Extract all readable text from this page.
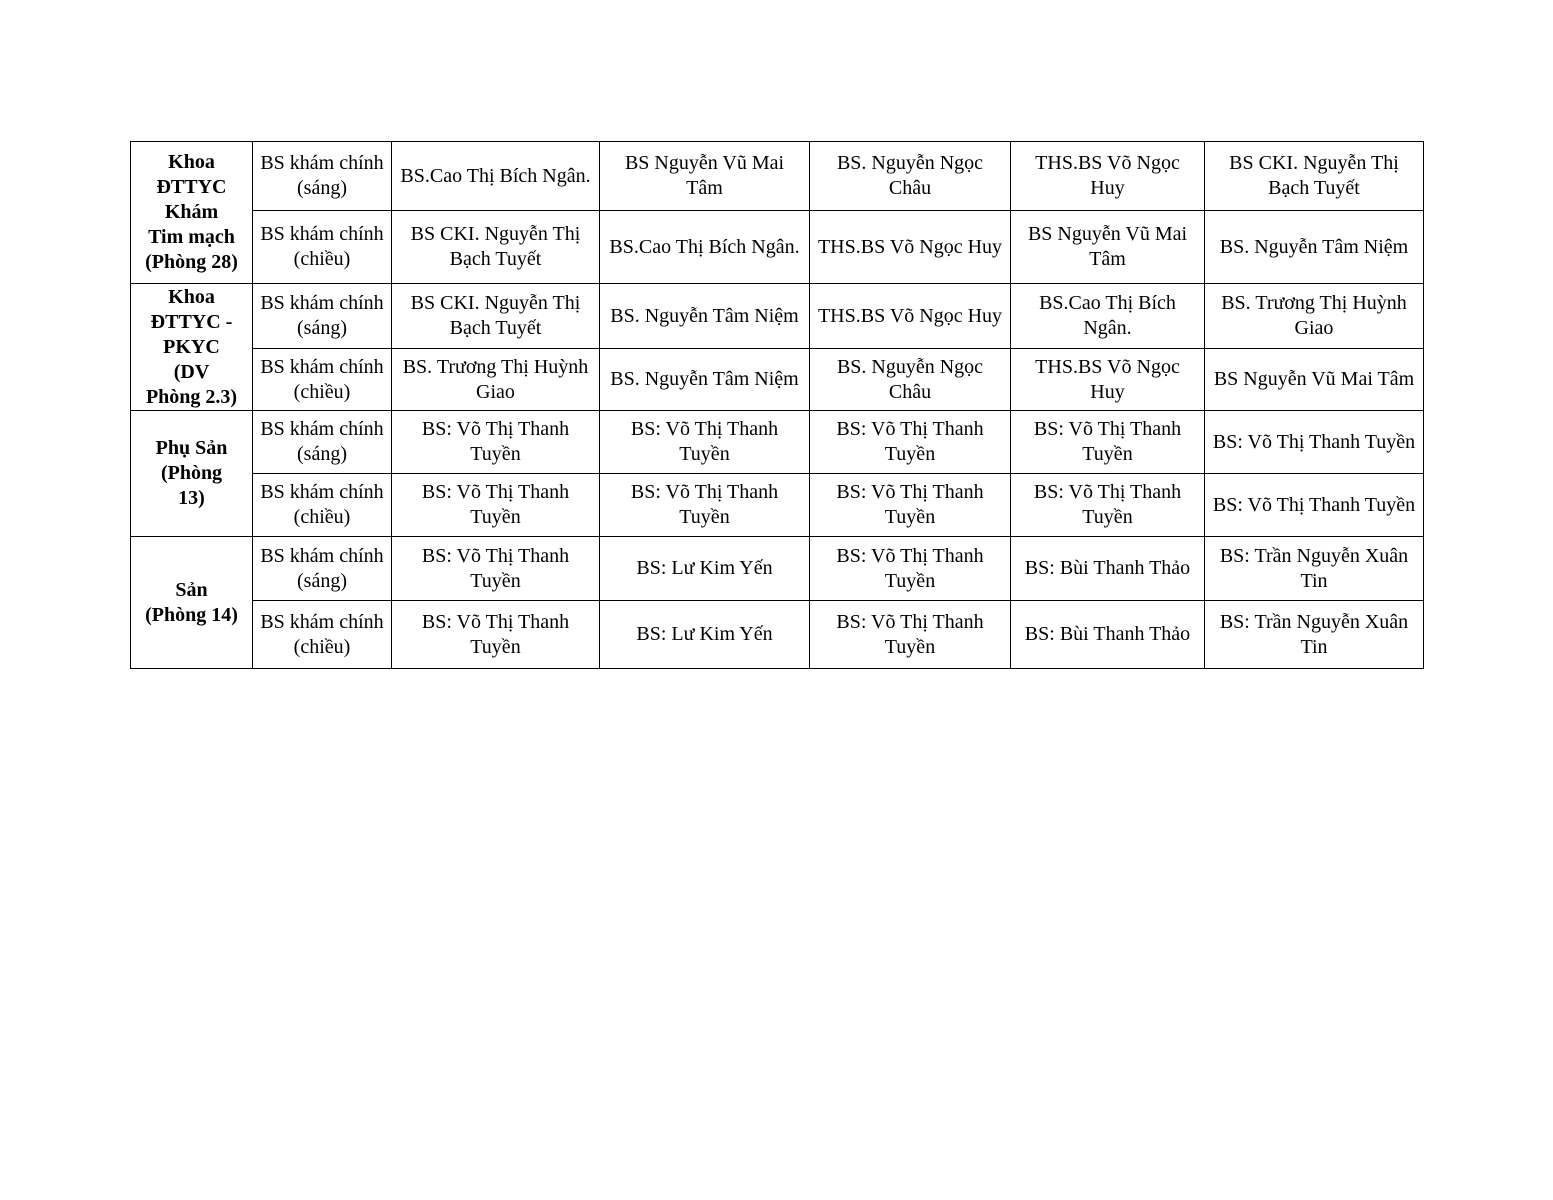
Khoa
ĐTTYC
Khám
Tim mạch
(Phòng 28)	BS khám chính (sáng)	BS.Cao Thị Bích Ngân.	BS Nguyễn Vũ Mai Tâm	BS. Nguyễn Ngọc Châu	THS.BS Võ Ngọc Huy	BS CKI. Nguyễn Thị Bạch Tuyết
	BS khám chính (chiều)	BS CKI. Nguyễn Thị Bạch Tuyết	BS.Cao Thị Bích Ngân.	THS.BS Võ Ngọc Huy	BS Nguyễn Vũ Mai Tâm	BS. Nguyễn Tâm Niệm

Khoa
ĐTTYC -
PKYC
(DV
Phòng 2.3)	BS khám chính (sáng)	BS CKI. Nguyễn Thị Bạch Tuyết	BS. Nguyễn Tâm Niệm	THS.BS Võ Ngọc Huy	BS.Cao Thị Bích Ngân.	BS. Trương Thị Huỳnh Giao
	BS khám chính (chiều)	BS. Trương Thị Huỳnh Giao	BS. Nguyễn Tâm Niệm	BS. Nguyễn Ngọc Châu	THS.BS Võ Ngọc Huy	BS Nguyễn Vũ Mai Tâm

Phụ Sản
(Phòng
13)	BS khám chính (sáng)	BS: Võ Thị Thanh Tuyền	BS: Võ Thị Thanh Tuyền	BS: Võ Thị Thanh Tuyền	BS: Võ Thị Thanh Tuyền	BS: Võ Thị Thanh Tuyền
	BS khám chính (chiều)	BS: Võ Thị Thanh Tuyền	BS: Võ Thị Thanh Tuyền	BS: Võ Thị Thanh Tuyền	BS: Võ Thị Thanh Tuyền	BS: Võ Thị Thanh Tuyền

Sản
(Phòng 14)	BS khám chính (sáng)	BS: Võ Thị Thanh Tuyền	BS: Lư Kim Yến	BS: Võ Thị Thanh Tuyền	BS: Bùi Thanh Thảo	BS: Trần Nguyễn Xuân Tin
	BS khám chính (chiều)	BS: Võ Thị Thanh Tuyền	BS: Lư Kim Yến	BS: Võ Thị Thanh Tuyền	BS: Bùi Thanh Thảo	BS: Trần Nguyễn Xuân Tin
